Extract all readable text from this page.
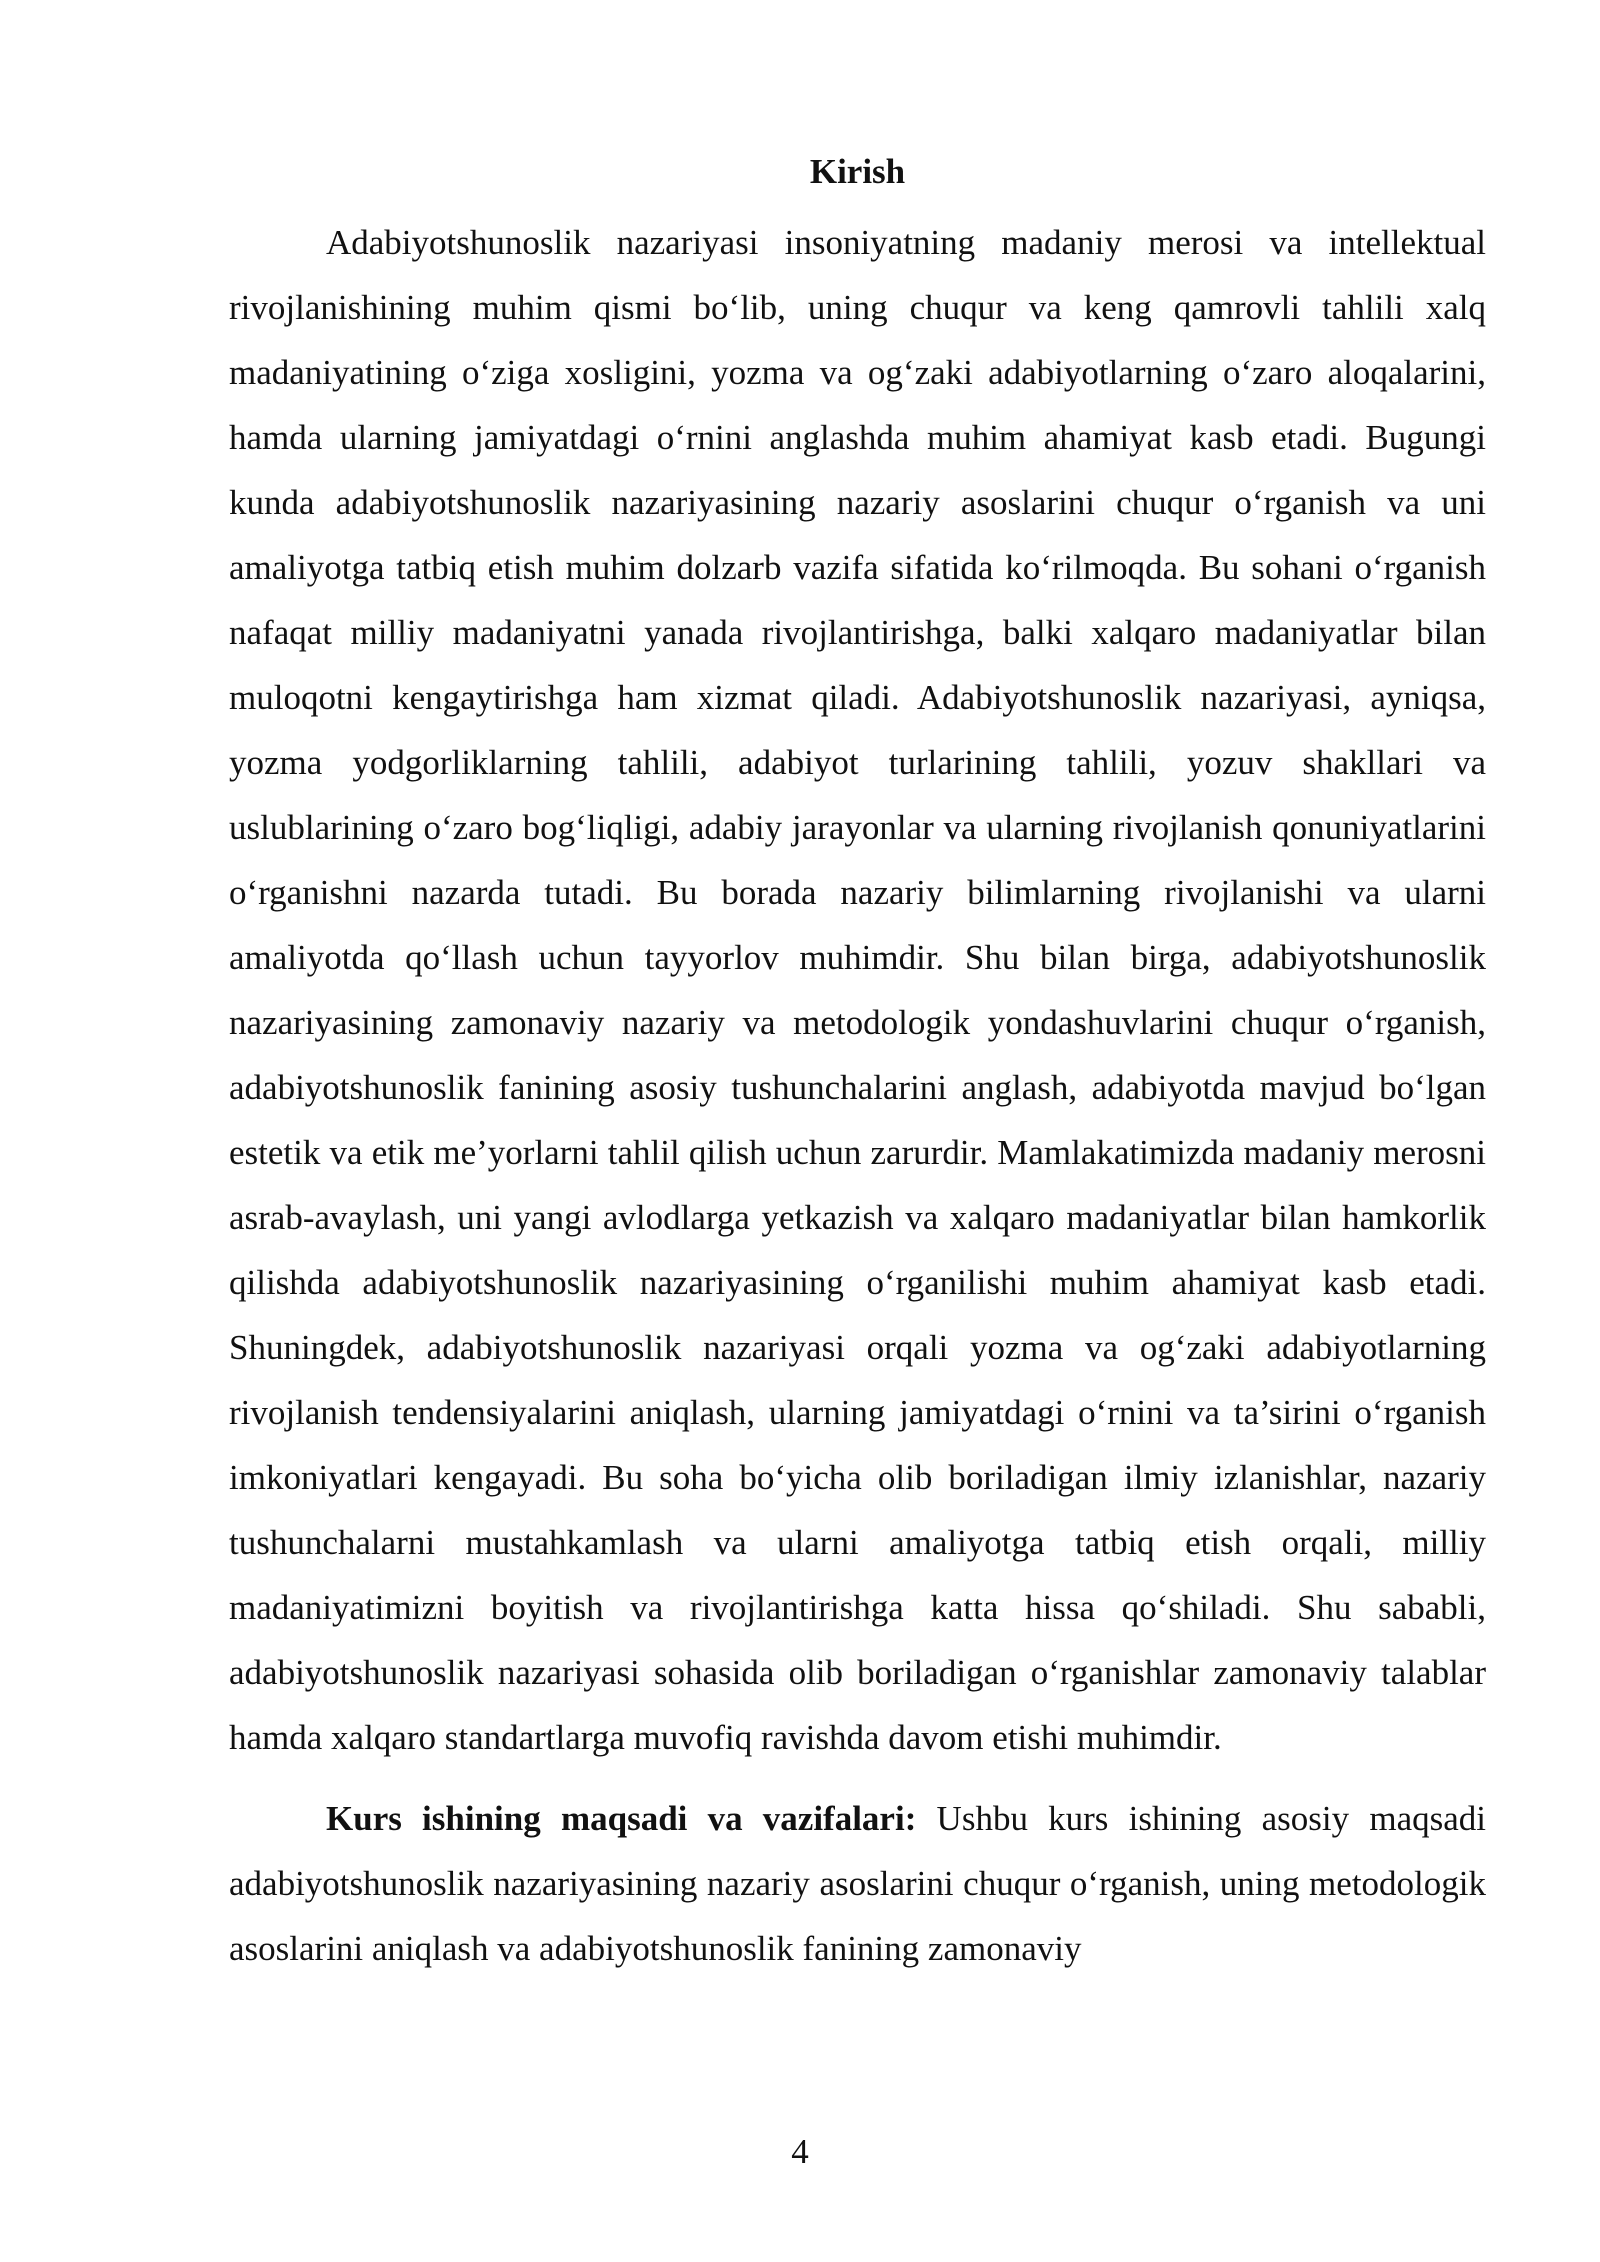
Kirish

Adabiyotshunoslik nazariyasi insoniyatning madaniy merosi va intellektual rivojlanishining muhim qismi bo‘lib, uning chuqur va keng qamrovli tahlili xalq madaniyatining o‘ziga xosligini, yozma va og‘zaki adabiyotlarning o‘zaro aloqalarini, hamda ularning jamiyatdagi o‘rnini anglashda muhim ahamiyat kasb etadi. Bugungi kunda adabiyotshunoslik nazariyasining nazariy asoslarini chuqur o‘rganish va uni amaliyotga tatbiq etish muhim dolzarb vazifa sifatida ko‘rilmoqda. Bu sohani o‘rganish nafaqat milliy madaniyatni yanada rivojlantirishga, balki xalqaro madaniyatlar bilan muloqotni kengaytirishga ham xizmat qiladi. Adabiyotshunoslik nazariyasi, ayniqsa, yozma yodgorliklarning tahlili, adabiyot turlarining tahlili, yozuv shakllari va uslublarining o‘zaro bog‘liqligi, adabiy jarayonlar va ularning rivojlanish qonuniyatlarini o‘rganishni nazarda tutadi. Bu borada nazariy bilimlarning rivojlanishi va ularni amaliyotda qo‘llash uchun tayyorlov muhimdir. Shu bilan birga, adabiyotshunoslik nazariyasining zamonaviy nazariy va metodologik yondashuvlarini chuqur o‘rganish, adabiyotshunoslik fanining asosiy tushunchalarini anglash, adabiyotda mavjud bo‘lgan estetik va etik me’yorlarni tahlil qilish uchun zarurdir. Mamlakatimizda madaniy merosni asrab-avaylash, uni yangi avlodlarga yetkazish va xalqaro madaniyatlar bilan hamkorlik qilishda adabiyotshunoslik nazariyasining o‘rganilishi muhim ahamiyat kasb etadi. Shuningdek, adabiyotshunoslik nazariyasi orqali yozma va og‘zaki adabiyotlarning rivojlanish tendensiyalarini aniqlash, ularning jamiyatdagi o‘rnini va ta’sirini o‘rganish imkoniyatlari kengayadi. Bu soha bo‘yicha olib boriladigan ilmiy izlanishlar, nazariy tushunchalarni mustahkamlash va ularni amaliyotga tatbiq etish orqali, milliy madaniyatimizni boyitish va rivojlantirishga katta hissa qo‘shiladi. Shu sababli, adabiyotshunoslik nazariyasi sohasida olib boriladigan o‘rganishlar zamonaviy talablar hamda xalqaro standartlarga muvofiq ravishda davom etishi muhimdir.

Kurs ishining maqsadi va vazifalari: Ushbu kurs ishining asosiy maqsadi adabiyotshunoslik nazariyasining nazariy asoslarini chuqur o‘rganish, uning metodologik asoslarini aniqlash va adabiyotshunoslik fanining zamonaviy

4
